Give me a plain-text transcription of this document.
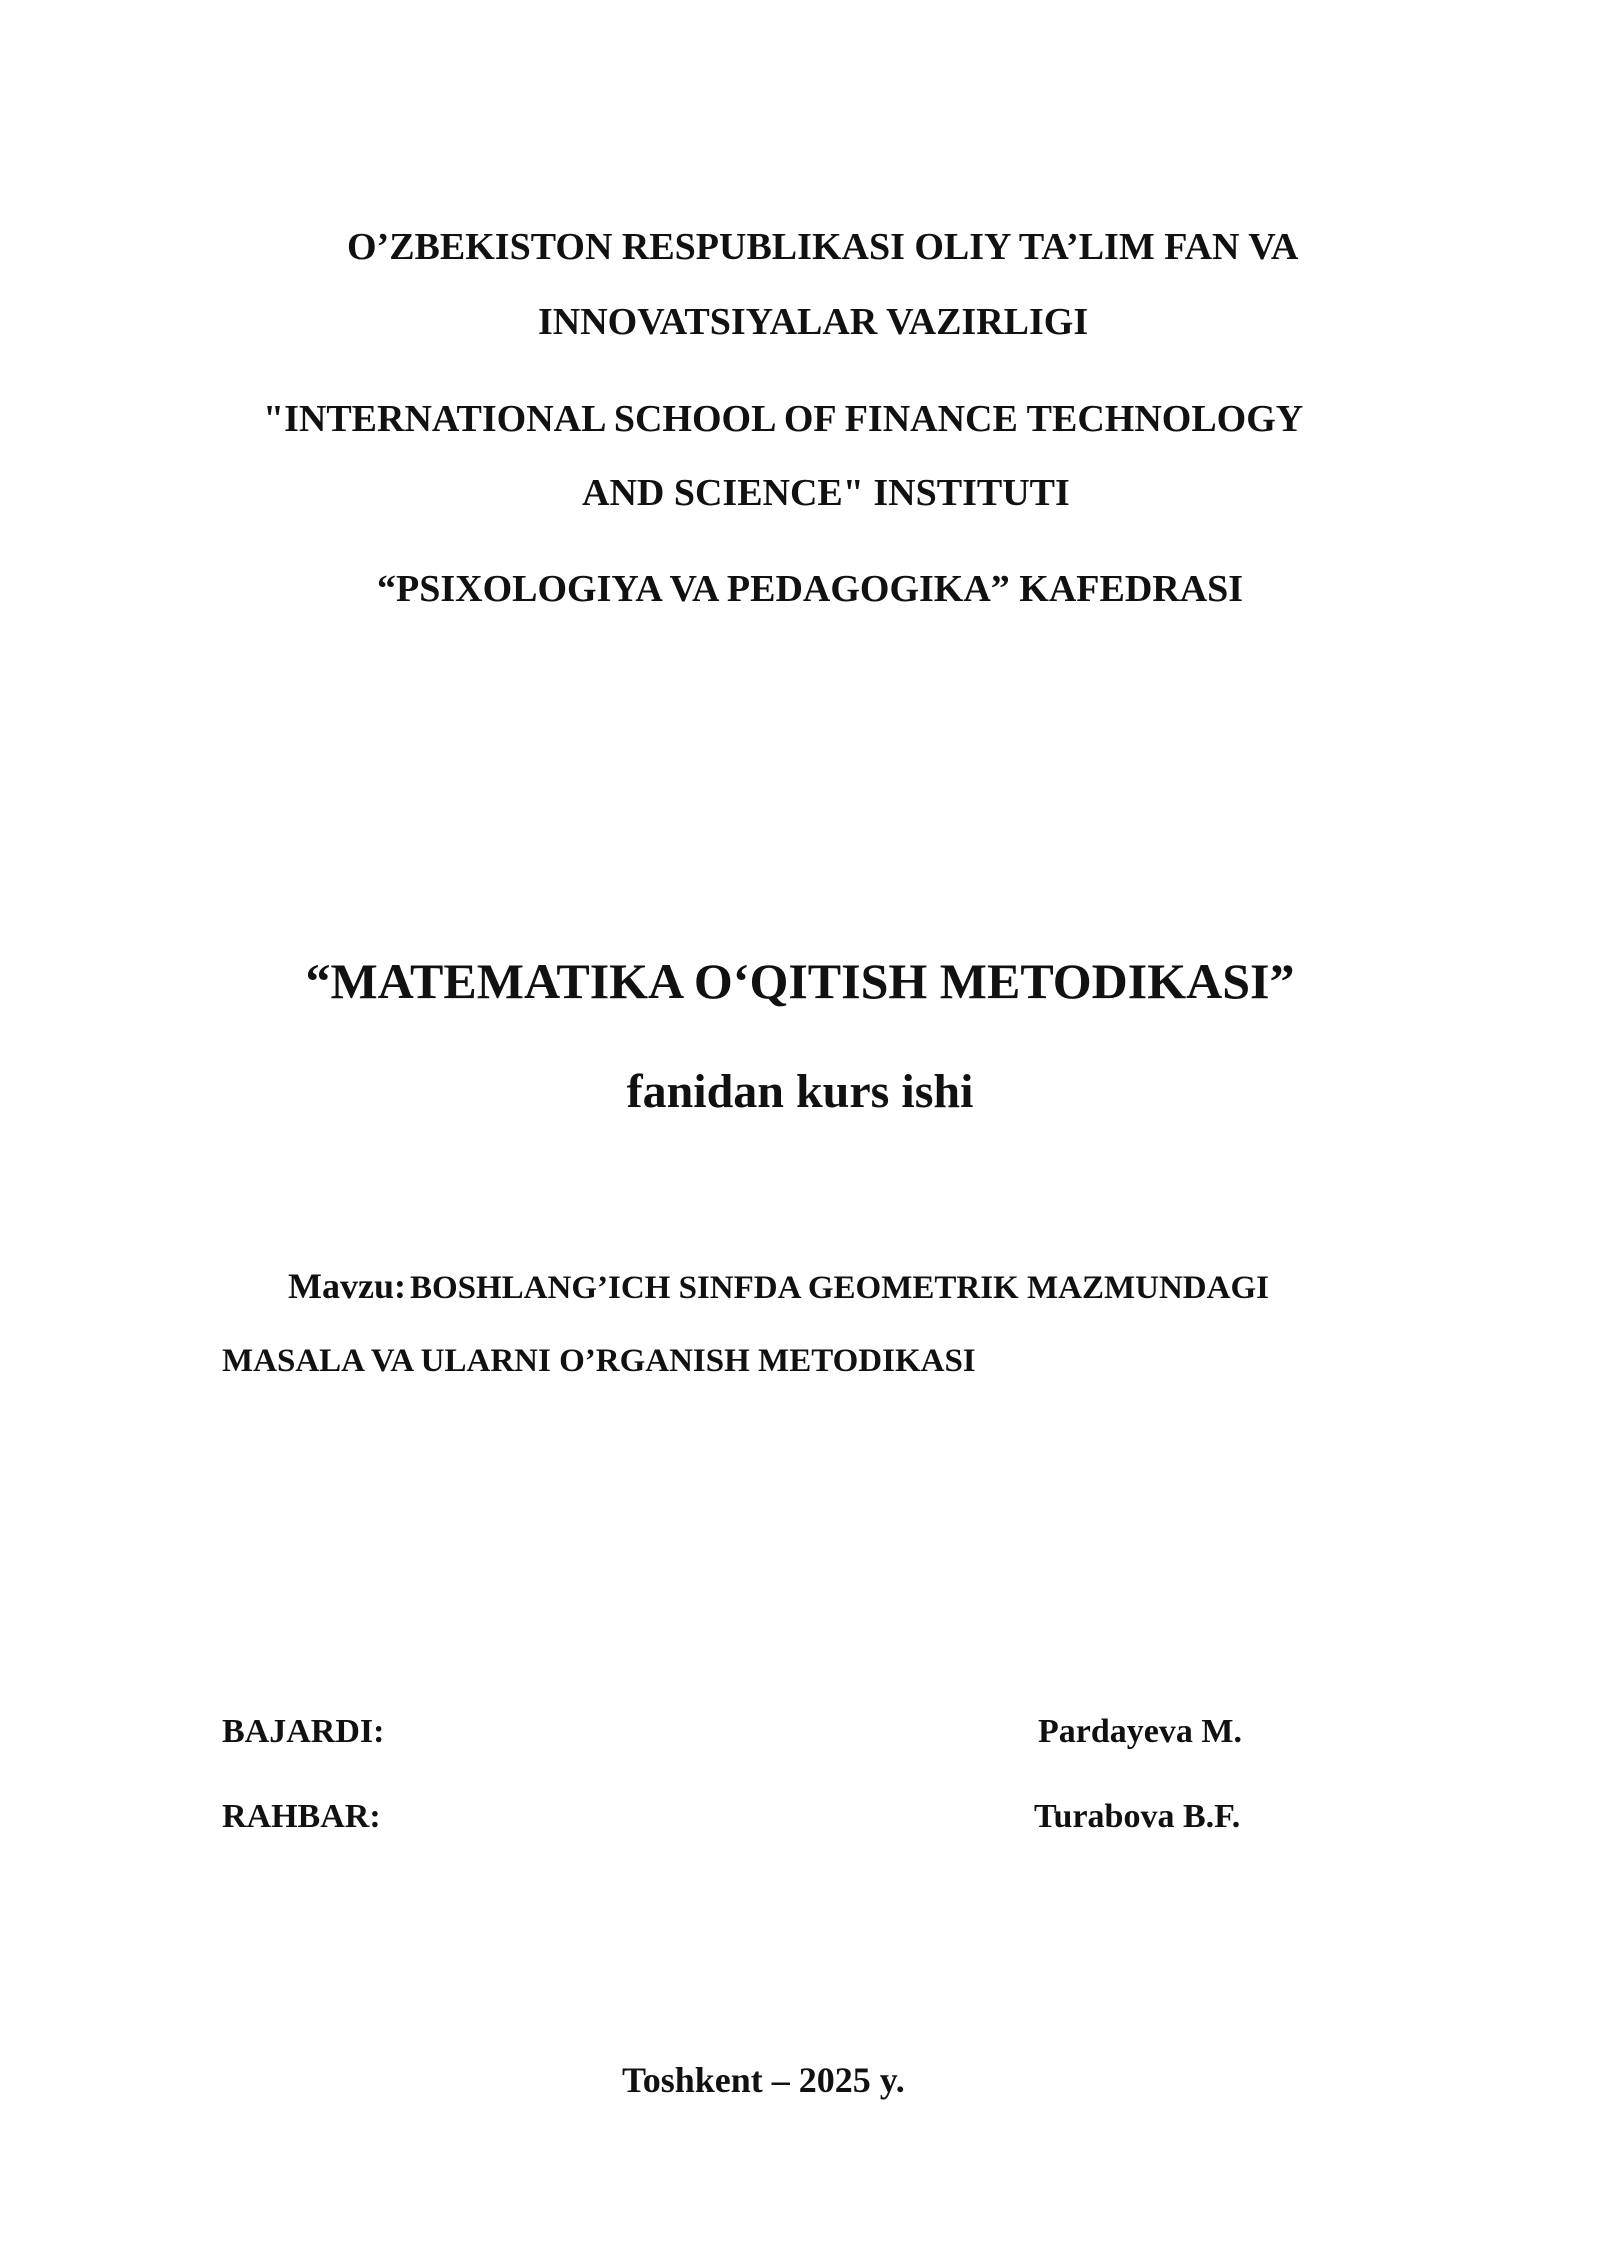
O’ZBEKISTON RESPUBLIKASI OLIY TA’LIM FAN VA
INNOVATSIYALAR VAZIRLIGI
"INTERNATIONAL SCHOOL OF FINANCE TECHNOLOGY
AND SCIENCE" INSTITUTI
“PSIXOLOGIYA VA PEDAGOGIKA” KAFEDRASI
“MATEMATIKA O‘QITISH METODIKASI”
fanidan kurs ishi
Mavzu: BOSHLANG’ICH SINFDA GEOMETRIK MAZMUNDAGI
MASALA VA ULARNI O’RGANISH METODIKASI
BAJARDI:	Pardayeva M.
RAHBAR:	Turabova B.F.
Toshkent – 2025 y.
